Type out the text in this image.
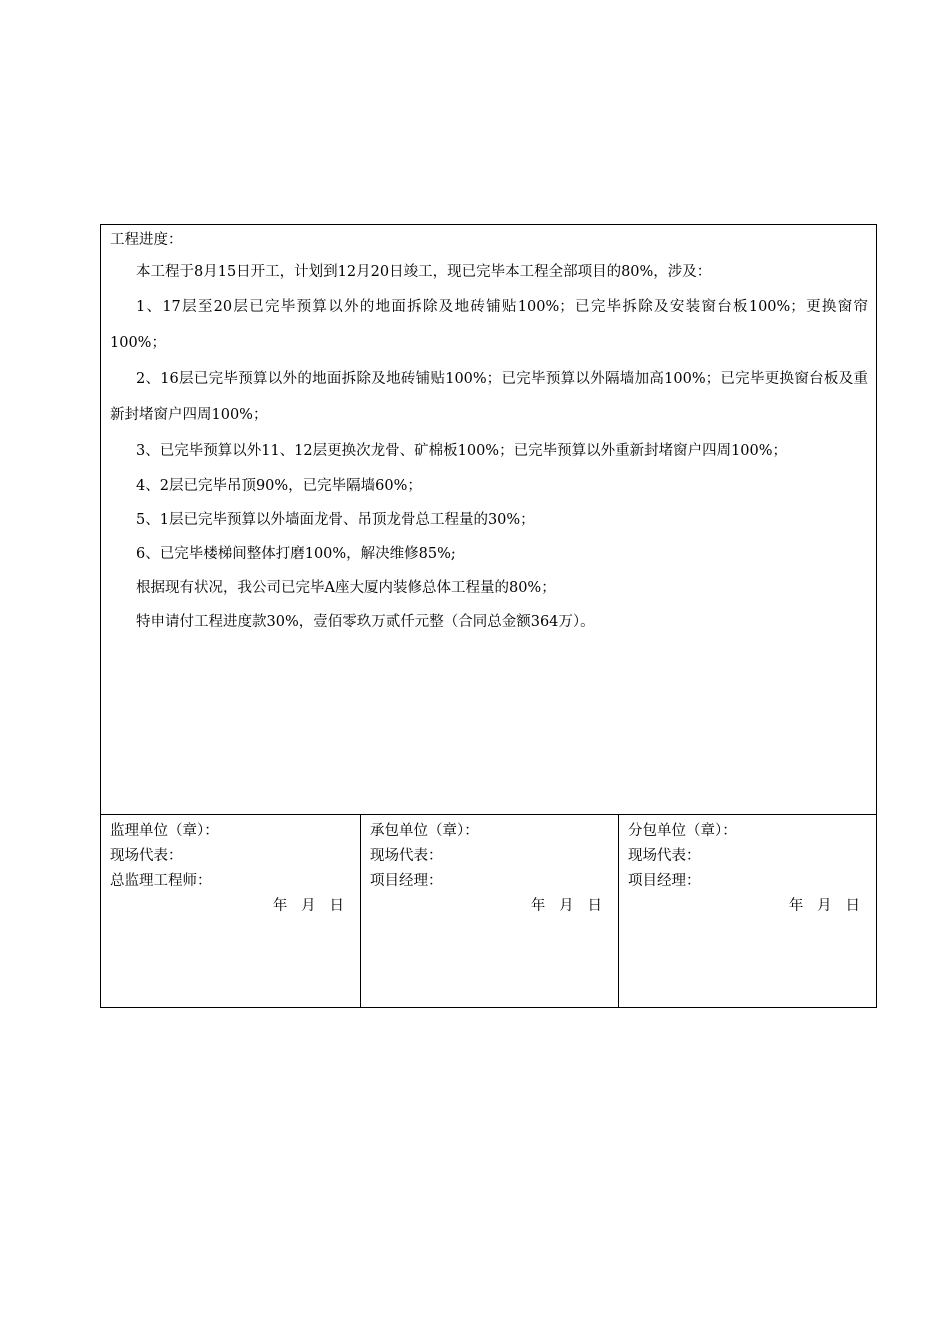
工程进度：

本工程于8月15日开工，计划到12月20日竣工，现已完毕本工程全部项目的80%，涉及：

1、17层至20层已完毕预算以外的地面拆除及地砖铺贴100%；已完毕拆除及安装窗台板100%；更换窗帘100%；

2、16层已完毕预算以外的地面拆除及地砖铺贴100%；已完毕预算以外隔墙加高100%；已完毕更换窗台板及重新封堵窗户四周100%；

3、已完毕预算以外11、12层更换次龙骨、矿棉板100%；已完毕预算以外重新封堵窗户四周100%；

4、2层已完毕吊顶90%，已完毕隔墙60%；

5、1层已完毕预算以外墙面龙骨、吊顶龙骨总工程量的30%；

6、已完毕楼梯间整体打磨100%，解决维修85%;

根据现有状况，我公司已完毕A座大厦内装修总体工程量的80%；

特申请付工程进度款30%，壹佰零玖万贰仟元整（合同总金额364万）。

监理单位（章）：
现场代表：
总监理工程师：
年   月   日
承包单位（章）：
现场代表：
项目经理：
年   月   日
分包单位（章）：
现场代表：
项目经理：
年   月   日
